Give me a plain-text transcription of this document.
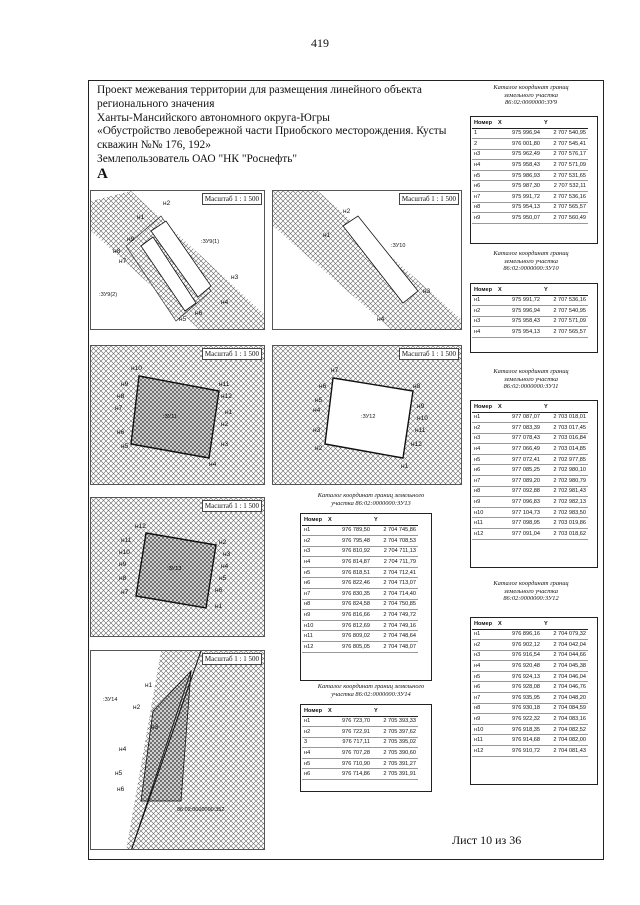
419
Проект межевания территории для размещения линейного объекта
регионального значения
Ханты-Мансийского автономного округа-Югры
«Обустройство левобережной части Приобского месторождения. Кусты
скважин №№ 176, 192»
Землепользователь ОАО "НК "Роснефть"
A
Масштаб 1 : 1 500
:ЗУ9(1)
:ЗУ9(2)
н2
н1
н9
н8
н7
н6
н5
н3
н4
Масштаб 1 : 1 500
:ЗУ10
н2
н1
н3
н4
Масштаб 1 : 1 500
:ЗУ11
н10
н9
н8
н7
н6
н5
н11
н12
н1
н2
н3
н4
Масштаб 1 : 1 500
:ЗУ12
н7
н6
н5
н4
н3
н2
н8
н9
н10
н11
н12
н1
Масштаб 1 : 1 500
:ЗУ13
н12
н11
н10
н9
н8
н7
н1
н2
н3
н4
н5
н6
Масштаб 1 : 1 500
:ЗУ14
86:02:0000000:352
н1
н2
н3
н4
н5
н6
Каталог координат границ
земельного участка
86:02:0000000:ЗУ9
Номер	X	Y
1	975 996,94	2 707 540,95
2	976 001,80	2 707 545,41
н3	975 962,49	2 707 576,17
н4	975 958,43	2 707 571,09
н5	975 986,93	2 707 531,65
н6	975 987,30	2 707 532,11
н7	975 991,72	2 707 536,16
н8	975 954,13	2 707 565,57
н9	975 950,07	2 707 560,49
Каталог координат границ
земельного участка
86:02:0000000:ЗУ10
Номер	X	Y
н1	975 991,72	2 707 536,16
н2	975 996,94	2 707 540,95
н3	975 958,43	2 707 571,09
н4	975 954,13	2 707 565,57
Каталог координат границ
земельного участка
86:02:0000000:ЗУ11
Номер	X	Y
н1	977 087,07	2 703 018,01
н2	977 083,39	2 703 017,45
н3	977 078,43	2 703 016,84
н4	977 066,49	2 703 014,85
н5	977 072,41	2 702 977,85
н6	977 085,25	2 702 980,10
н7	977 089,20	2 702 980,79
н8	977 092,88	2 702 981,43
н9	977 096,83	2 702 982,13
н10	977 104,73	2 702 983,50
н11	977 098,95	2 703 019,86
н12	977 091,04	2 703 018,62
Каталог координат границ земельного
участка 86:02:0000000:ЗУ13
Номер	X	Y
н1	976 789,50	2 704 745,86
н2	976 795,48	2 704 708,53
н3	976 810,92	2 704 711,13
н4	976 814,87	2 704 711,79
н5	976 818,51	2 704 712,41
н6	976 822,46	2 704 713,07
н7	976 830,35	2 704 714,40
н8	976 824,58	2 704 750,85
н9	976 816,66	2 704 749,72
н10	976 812,69	2 704 749,16
н11	976 809,02	2 704 748,64
н12	976 805,05	2 704 748,07
Каталог координат границ
земельного участка
86:02:0000000:ЗУ12
Номер	X	Y
н1	976 896,16	2 704 079,32
н2	976 902,12	2 704 042,04
н3	976 916,54	2 704 044,66
н4	976 920,48	2 704 045,38
н5	976 924,13	2 704 046,04
н6	976 928,08	2 704 046,76
н7	976 935,95	2 704 048,20
н8	976 930,18	2 704 084,59
н9	976 922,32	2 704 083,16
н10	976 918,35	2 704 082,52
н11	976 914,68	2 704 082,00
н12	976 910,72	2 704 081,43
Каталог координат границ земельного
участка 86:02:0000000:ЗУ14
Номер	X	Y
н1	976 723,70	2 705 393,33
н2	976 722,91	2 705 397,62
3	976 717,11	2 705 395,02
н4	976 707,28	2 705 390,60
н5	976 710,90	2 705 391,27
н6	976 714,86	2 705 391,91
Лист 10 из 36
